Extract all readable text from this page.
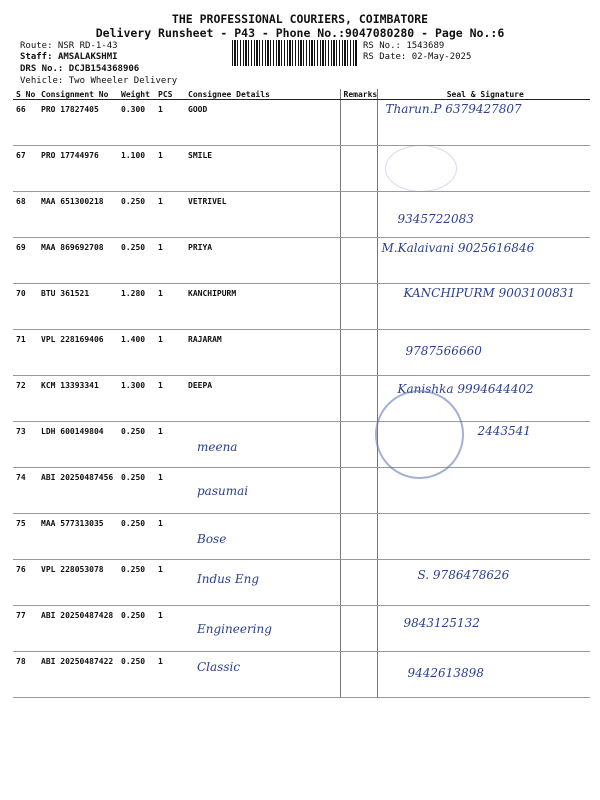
THE PROFESSIONAL COURIERS, COIMBATORE
Delivery Runsheet - P43 - Phone No.:9047080280 - Page No.:6
Route: NSR RD-1-43
Staff: AMSALAKSHMI
DRS No.: DCJB154368906
Vehicle: Two Wheeler Delivery
RS No.: 1543689
RS Date: 02-May-2025
S No	Consignment No	Weight	PCS	Consignee Details	Remarks	Seal & Signature
66	PRO 17827405	0.300	1	GOOD		Tharun.P 6379427807

67	PRO 17744976	1.100	1	SMILE

68	MAA 651300218	0.250	1	VETRIVEL		9345722083

69	MAA 869692708	0.250	1	PRIYA		M.Kalaivani 9025616846

70	BTU 361521	1.280	1	KANCHIPURM		KANCHIPURM 9003100831

71	VPL 228169406	1.400	1	RAJARAM		9787566660

72	KCM 13393341	1.300	1	DEEPA		Kanishka 9994644402

73	LDH 600149804	0.250	1	meena		2443541

74	ABI 20250487456	0.250	1	pasumai		

75	MAA 577313035	0.250	1	Bose		

76	VPL 228053078	0.250	1	Indus Eng		S. 9786478626

77	ABI 20250487428	0.250	1	Engineering		9843125132

78	ABI 20250487422	0.250	1	Classic		9442613898
